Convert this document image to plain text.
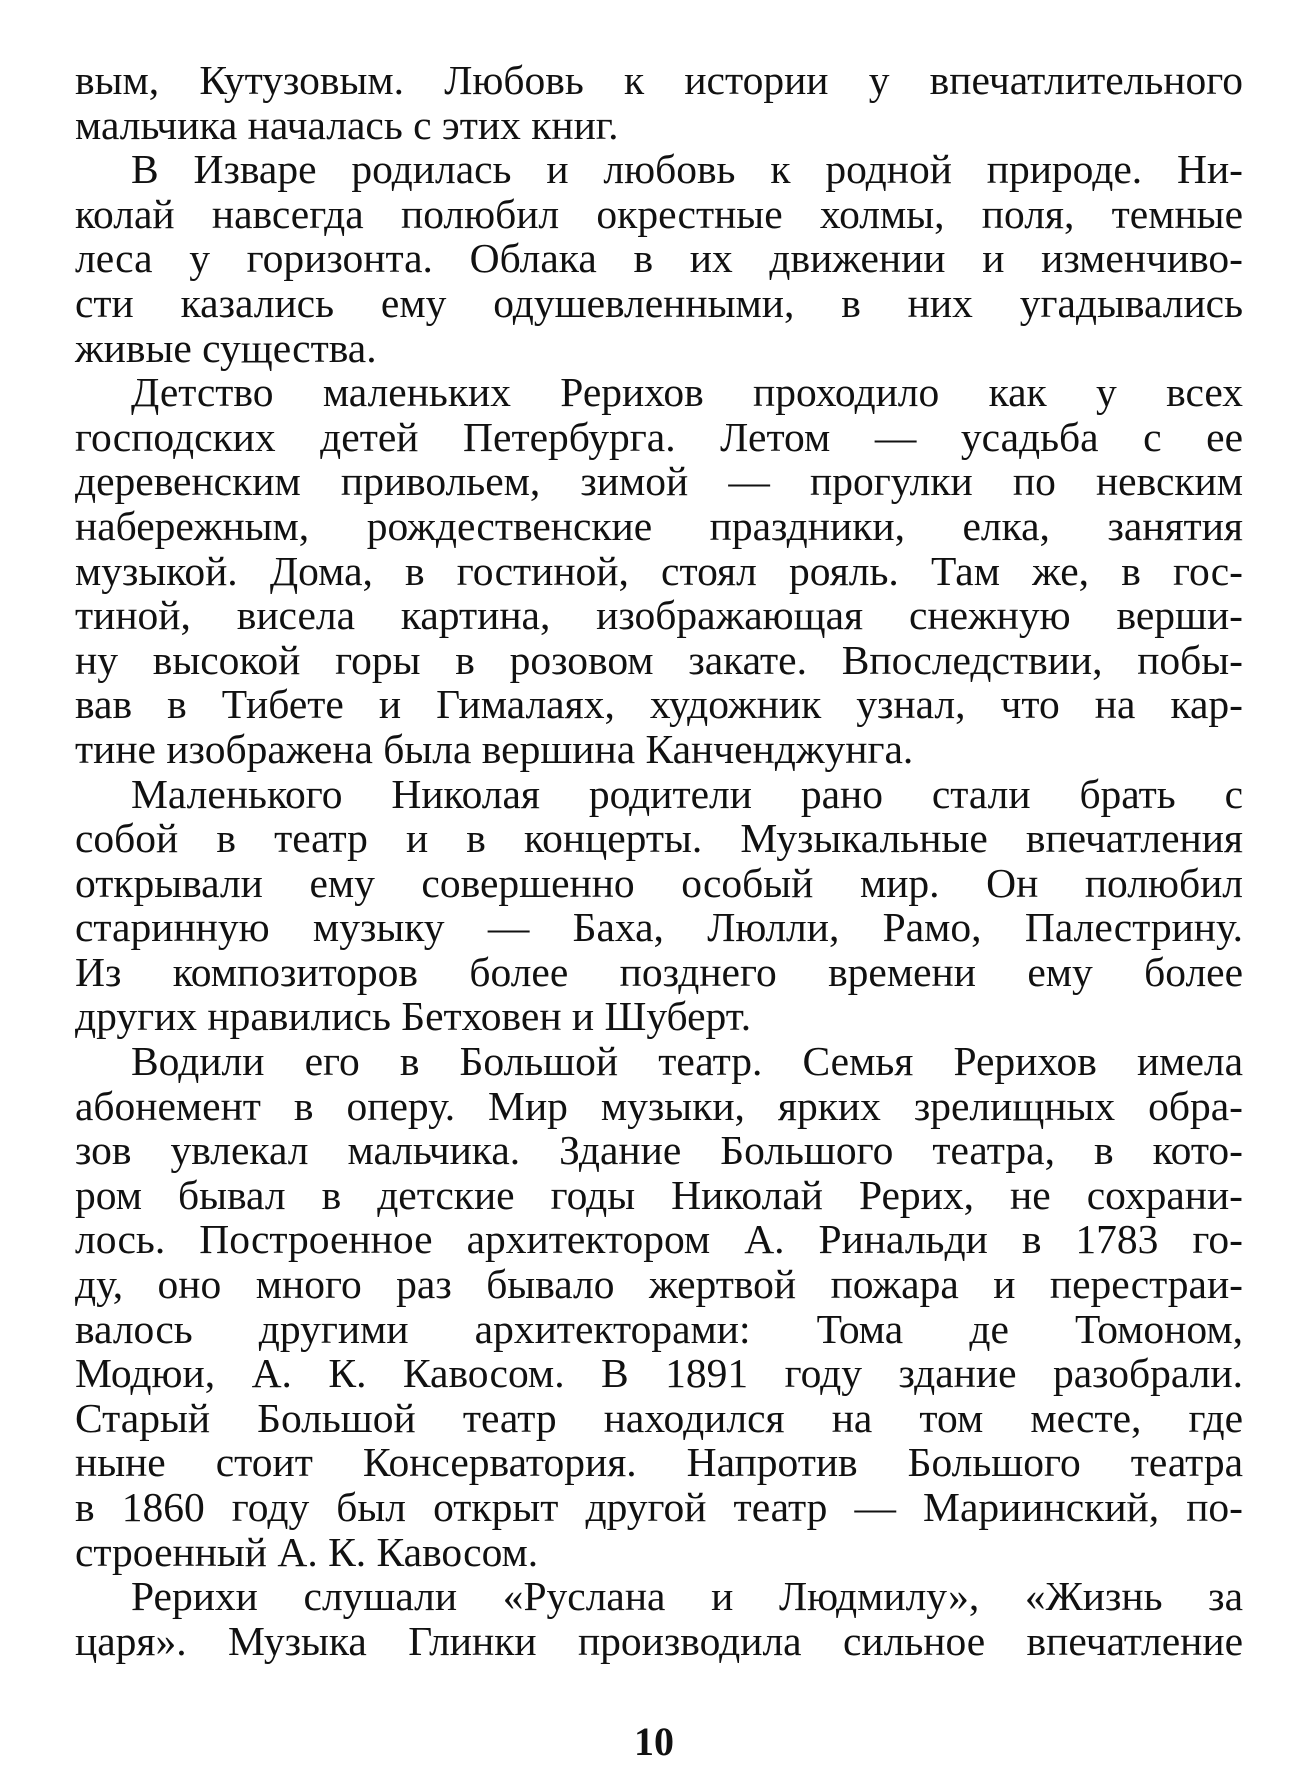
вым, Кутузовым. Любовь к истории у впечатлительного
мальчика началась с этих книг.
В Изваре родилась и любовь к родной природе. Ни-
колай навсегда полюбил окрестные холмы, поля, темные
леса у горизонта. Облака в их движении и изменчиво-
сти казались ему одушевленными, в них угадывались
живые существа.
Детство маленьких Рерихов проходило как у всех
господских детей Петербурга. Летом — усадьба с ее
деревенским привольем, зимой — прогулки по невским
набережным, рождественские праздники, елка, занятия
музыкой. Дома, в гостиной, стоял рояль. Там же, в гос-
тиной, висела картина, изображающая снежную верши-
ну высокой горы в розовом закате. Впоследствии, побы-
вав в Тибете и Гималаях, художник узнал, что на кар-
тине изображена была вершина Канченджунга.
Маленького Николая родители рано стали брать с
собой в театр и в концерты. Музыкальные впечатления
открывали ему совершенно особый мир. Он полюбил
старинную музыку — Баха, Люлли, Рамо, Палестрину.
Из композиторов более позднего времени ему более
других нравились Бетховен и Шуберт.
Водили его в Большой театр. Семья Рерихов имела
абонемент в оперу. Мир музыки, ярких зрелищных обра-
зов увлекал мальчика. Здание Большого театра, в кото-
ром бывал в детские годы Николай Рерих, не сохрани-
лось. Построенное архитектором А. Ринальди в 1783 го-
ду, оно много раз бывало жертвой пожара и перестраи-
валось другими архитекторами: Тома де Томоном,
Модюи, А. К. Кавосом. В 1891 году здание разобрали.
Старый Большой театр находился на том месте, где
ныне стоит Консерватория. Напротив Большого театра
в 1860 году был открыт другой театр — Мариинский, по-
строенный А. К. Кавосом.
Рерихи слушали «Руслана и Людмилу», «Жизнь за
царя». Музыка Глинки производила сильное впечатление
10
